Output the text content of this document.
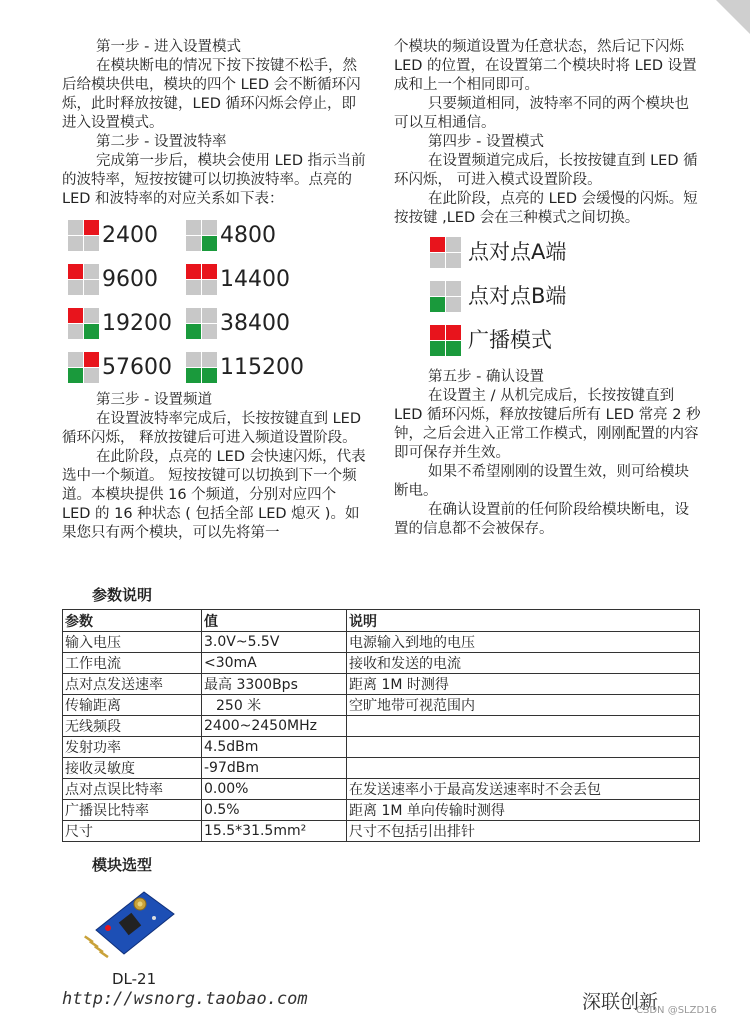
第一步 - 进入设置模式

在模块断电的情况下按下按键不松手，然后给模块供电，模块的四个 LED 会不断循环闪烁，此时释放按键，LED 循环闪烁会停止，即进入设置模式。

第二步 - 设置波特率

完成第一步后，模块会使用 LED 指示当前的波特率，短按按键可以切换波特率。点亮的 LED 和波特率的对应关系如下表：

2400	4800
9600	14400
19200 38400
57600 115200

第三步 - 设置频道

在设置波特率完成后，长按按键直到 LED 循环闪烁， 释放按键后可进入频道设置阶段。

在此阶段，点亮的 LED 会快速闪烁，代表选中一个频道。 短按按键可以切换到下一个频道。本模块提供 16 个频道，分别对应四个 LED 的 16 种状态 ( 包括全部 LED 熄灭 )。如果您只有两个模块，可以先将第一

个模块的频道设置为任意状态，然后记下闪烁 LED 的位置，在设置第二个模块时将 LED 设置成和上一个相同即可。

只要频道相同，波特率不同的两个模块也可以互相通信。

第四步 - 设置模式

在设置频道完成后，长按按键直到 LED 循环闪烁， 可进入模式设置阶段。

在此阶段，点亮的 LED 会缓慢的闪烁。短按按键 ,LED 会在三种模式之间切换。

点对点A端
点对点B端
广播模式

第五步 - 确认设置

在设置主 / 从机完成后，长按按键直到 LED 循环闪烁，释放按键后所有 LED 常亮 2 秒钟，之后会进入正常工作模式，刚刚配置的内容即可保存并生效。

如果不希望刚刚的设置生效，则可给模块断电。

在确认设置前的任何阶段给模块断电，设置的信息都不会被保存。

参数说明
参数	值	说明
输入电压	3.0V~5.5V	电源输入到地的电压
工作电流	<30mA	接收和发送的电流
点对点发送速率	最高 3300Bps	距离 1M 时测得
传输距离	250 米	空旷地带可视范围内
无线频段	2400~2450MHz	
发射功率	4.5dBm	
接收灵敏度	-97dBm	
点对点误比特率	0.00%	在发送速率小于最高发送速率时不会丢包
广播误比特率	0.5%	距离 1M 单向传输时测得
尺寸	15.5*31.5mm²	尺寸不包括引出排针
模块选型
DL-21
http://wsnorg.taobao.com	深联创新
CSDN @SLZD16
